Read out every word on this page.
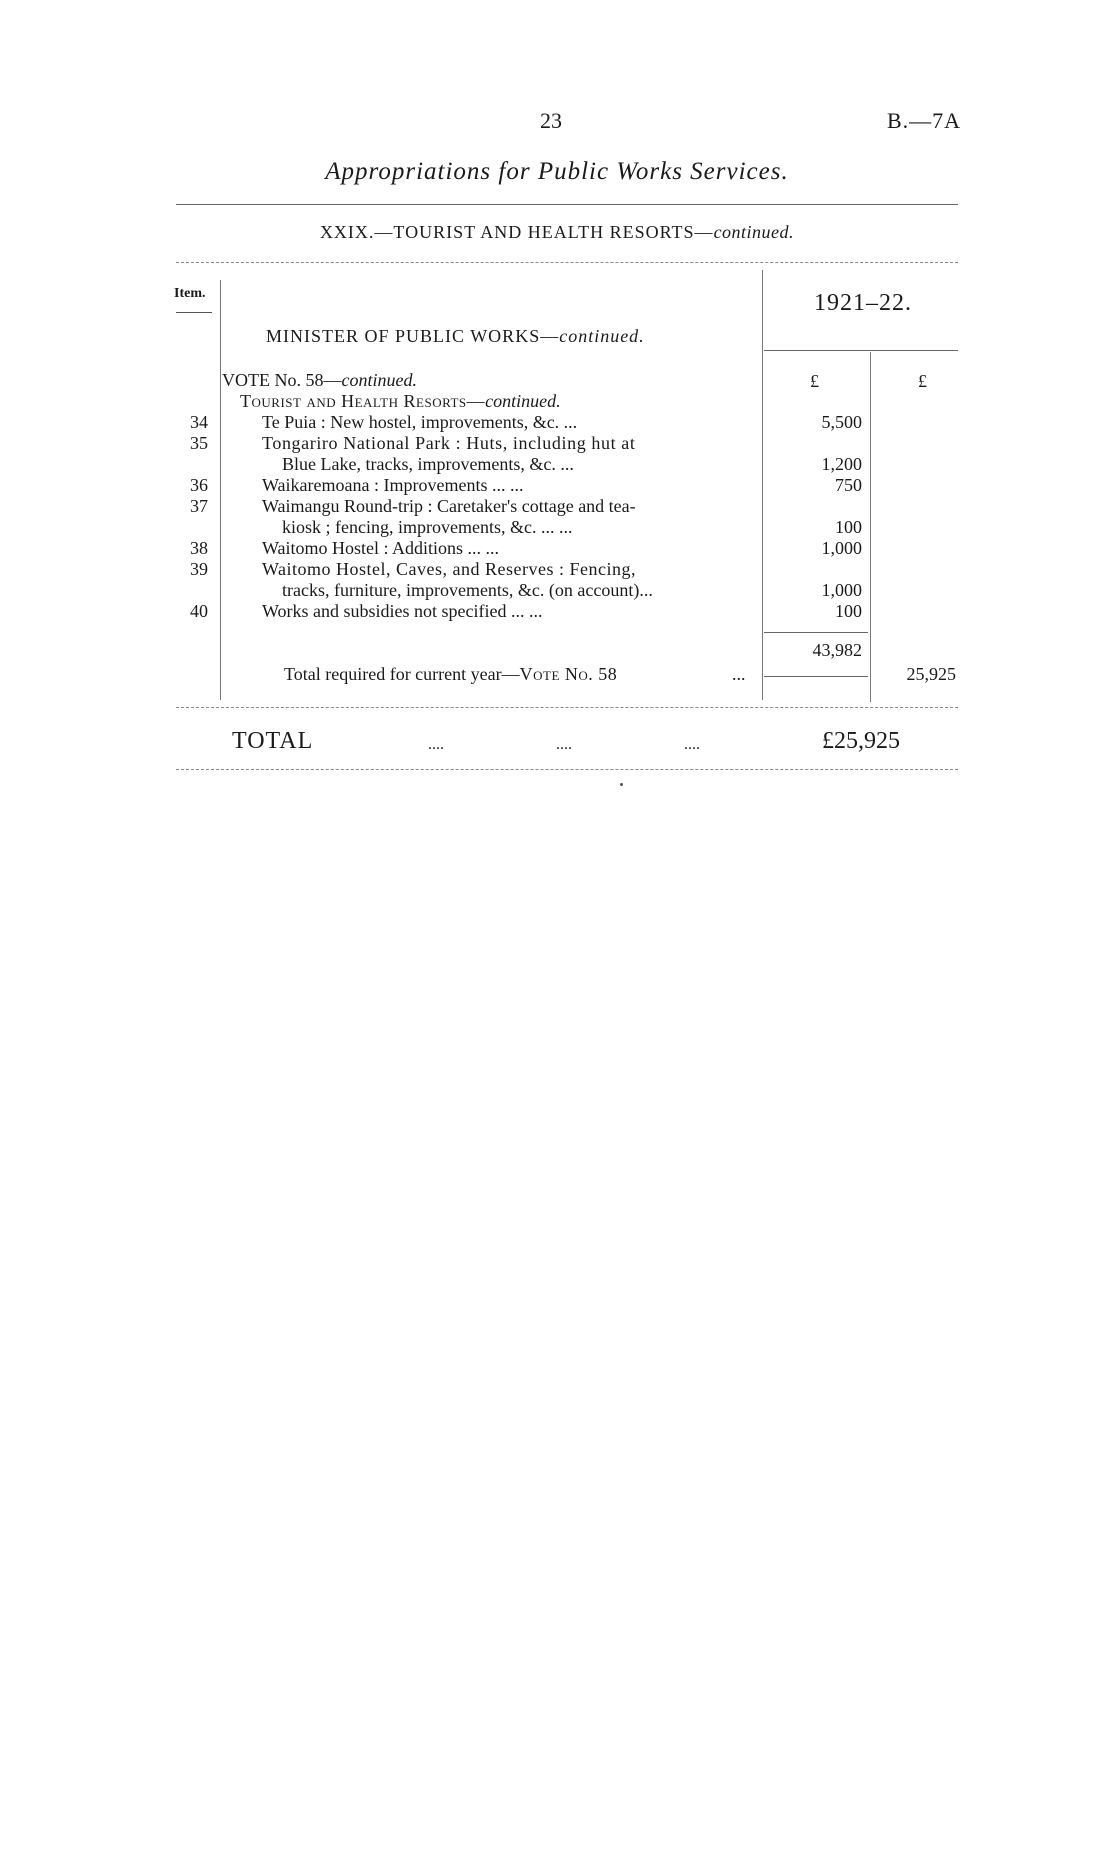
23	B.—7A
Appropriations for Public Works Services.
XXIX.—TOURIST AND HEALTH RESORTS—continued.
Item.	1921–22.
MINISTER OF PUBLIC WORKS—continued.
£	£
VOTE No. 58—continued.
Tourist and Health Resorts—continued.
34	Te Puia : New hostel, improvements, &c. ...	5,500
35	Tongariro National Park : Huts, including hut at
Blue Lake, tracks, improvements, &c. ...	1,200
36	Waikaremoana : Improvements ... ...	750
37	Waimangu Round-trip : Caretaker's cottage and tea-
kiosk ; fencing, improvements, &c. ... ...	100
38	Waitomo Hostel : Additions ... ...	1,000
39	Waitomo Hostel, Caves, and Reserves : Fencing,
tracks, furniture, improvements, &c. (on account)...	1,000
40	Works and subsidies not specified ... ...	100
43,982
Total required for current year—Vote No. 58	...	25,925
TOTAL	....	....	....	£25,925
